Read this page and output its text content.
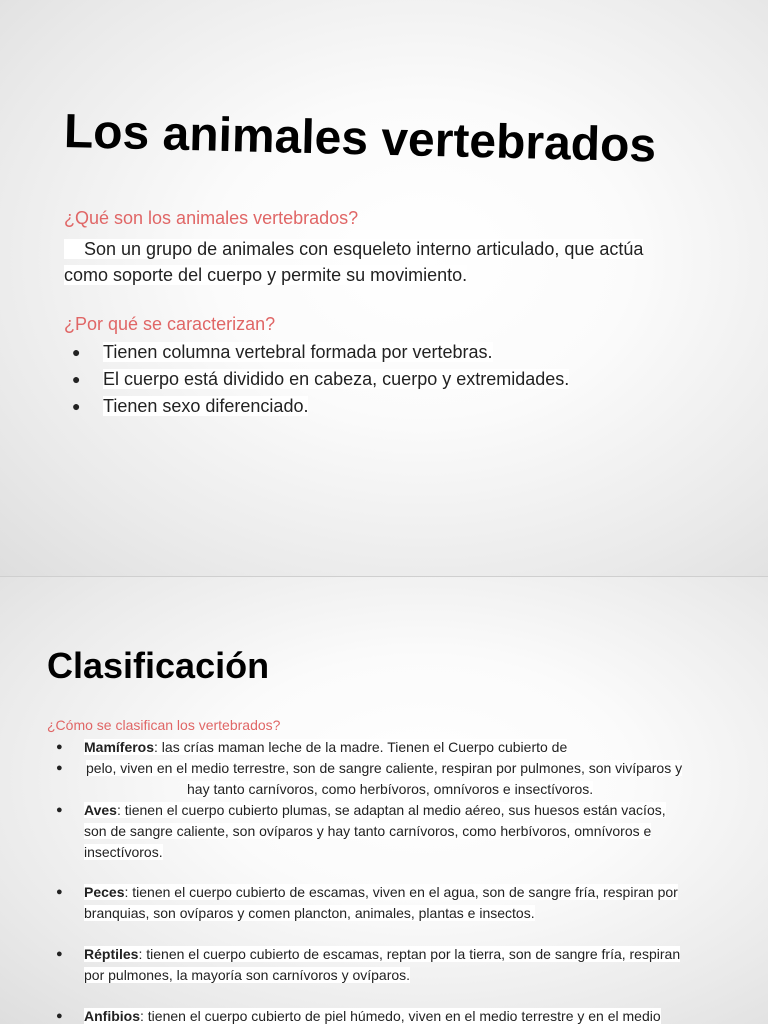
Los animales vertebrados
¿Qué son los animales vertebrados?

Son un grupo de animales con esqueleto interno articulado, que actúa
como soporte del cuerpo y permite su movimiento.

¿Por qué se caracterizan?
● Tienen columna vertebral formada por vertebras.
● El cuerpo está dividido en cabeza, cuerpo y extremidades.
● Tienen sexo diferenciado.
Clasificación
¿Cómo se clasifican los vertebrados?
● Mamíferos: las crías maman leche de la madre. Tienen el Cuerpo cubierto de
● pelo, viven en el medio terrestre, son de sangre caliente, respiran por pulmones, son vivíparos y
hay tanto carnívoros, como herbívoros, omnívoros e insectívoros.
● Aves: tienen el cuerpo cubierto plumas, se adaptan al medio aéreo, sus huesos están vacíos,
son de sangre caliente, son ovíparos y hay tanto carnívoros, como herbívoros, omnívoros e
insectívoros.
● Peces: tienen el cuerpo cubierto de escamas, viven en el agua, son de sangre fría, respiran por
branquias, son ovíparos y comen plancton, animales, plantas e insectos.
● Réptiles: tienen el cuerpo cubierto de escamas, reptan por la tierra, son de sangre fría, respiran
por pulmones, la mayoría son carnívoros y ovíparos.
● Anfibios: tienen el cuerpo cubierto de piel húmedo, viven en el medio terrestre y en el medio
